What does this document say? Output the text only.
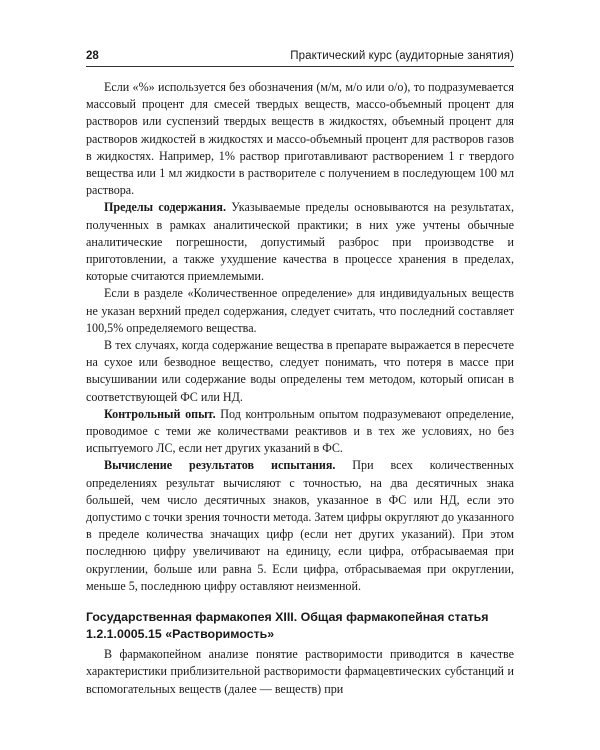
28	Практический курс (аудиторные занятия)

Если «%» используется без обозначения (м/м, м/о или о/о), то подразумевается массовый процент для смесей твердых веществ, массо-объемный процент для растворов или суспензий твердых веществ в жидкостях, объемный процент для растворов жидкостей в жидкостях и массо-объемный процент для растворов газов в жидкостях. Например, 1% раствор приготавливают растворением 1 г твердого вещества или 1 мл жидкости в растворителе с получением в последующем 100 мл раствора.

Пределы содержания. Указываемые пределы основываются на результатах, полученных в рамках аналитической практики; в них уже учтены обычные аналитические погрешности, допустимый разброс при производстве и приготовлении, а также ухудшение качества в процессе хранения в пределах, которые считаются приемлемыми.

Если в разделе «Количественное определение» для индивидуальных веществ не указан верхний предел содержания, следует считать, что последний составляет 100,5% определяемого вещества.

В тех случаях, когда содержание вещества в препарате выражается в пересчете на сухое или безводное вещество, следует понимать, что потеря в массе при высушивании или содержание воды определены тем методом, который описан в соответствующей ФС или НД.

Контрольный опыт. Под контрольным опытом подразумевают определение, проводимое с теми же количествами реактивов и в тех же условиях, но без испытуемого ЛС, если нет других указаний в ФС.

Вычисление результатов испытания. При всех количественных определениях результат вычисляют с точностью, на два десятичных знака большей, чем число десятичных знаков, указанное в ФС или НД, если это допустимо с точки зрения точности метода. Затем цифры округляют до указанного в пределе количества значащих цифр (если нет других указаний). При этом последнюю цифру увеличивают на единицу, если цифра, отбрасываемая при округлении, больше или равна 5. Если цифра, отбрасываемая при округлении, меньше 5, последнюю цифру оставляют неизменной.

Государственная фармакопея XIII. Общая фармакопейная статья 1.2.1.0005.15 «Растворимость»

В фармакопейном анализе понятие растворимости приводится в качестве характеристики приблизительной растворимости фармацевтических субстанций и вспомогательных веществ (далее — веществ) при
